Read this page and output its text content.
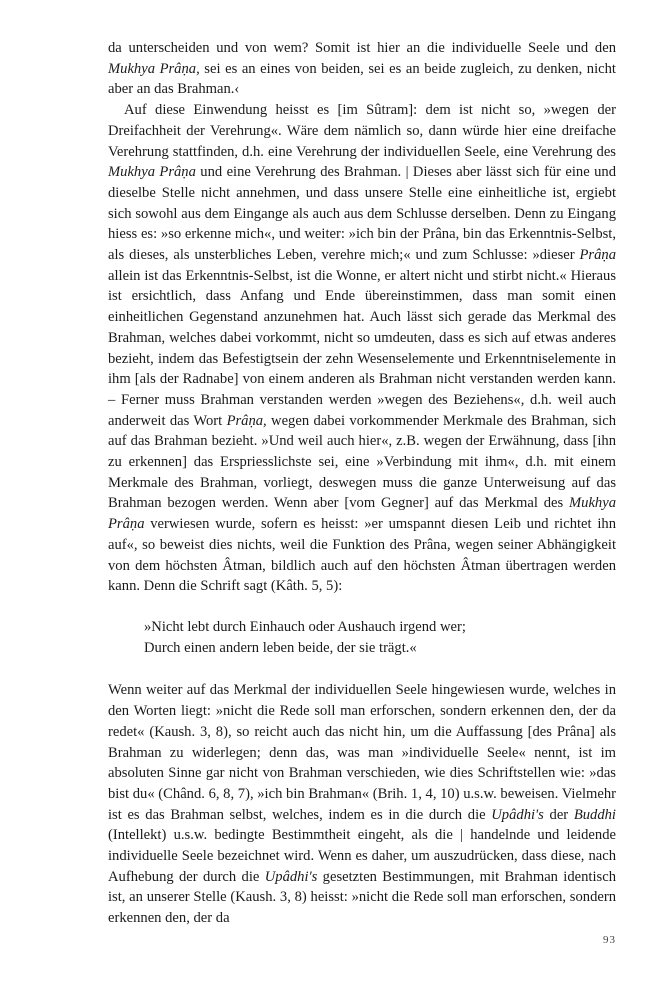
da unterscheiden und von wem? Somit ist hier an die individuelle Seele und den Mukhya Prâṇa, sei es an eines von beiden, sei es an beide zugleich, zu denken, nicht aber an das Brahman.‹

Auf diese Einwendung heisst es [im Sûtram]: dem ist nicht so, »wegen der Dreifachheit der Verehrung«. Wäre dem nämlich so, dann würde hier eine dreifache Verehrung stattfinden, d.h. eine Verehrung der individuellen Seele, eine Verehrung des Mukhya Prâṇa und eine Verehrung des Brahman. | Dieses aber lässt sich für eine und dieselbe Stelle nicht annehmen, und dass unsere Stelle eine einheitliche ist, ergiebt sich sowohl aus dem Eingange als auch aus dem Schlusse derselben. Denn zu Eingang hiess es: »so erkenne mich«, und weiter: »ich bin der Prâna, bin das Erkenntnis-Selbst, als dieses, als unsterbliches Leben, verehre mich;« und zum Schlusse: »dieser Prâṇa allein ist das Erkenntnis-Selbst, ist die Wonne, er altert nicht und stirbt nicht.« Hieraus ist ersichtlich, dass Anfang und Ende übereinstimmen, dass man somit einen einheitlichen Gegenstand anzunehmen hat. Auch lässt sich gerade das Merkmal des Brahman, welches dabei vorkommt, nicht so umdeuten, dass es sich auf etwas anderes bezieht, indem das Befestigtsein der zehn Wesenselemente und Erkenntniselemente in ihm [als der Radnabe] von einem anderen als Brahman nicht verstanden werden kann. – Ferner muss Brahman verstanden werden »wegen des Beziehens«, d.h. weil auch anderweit das Wort Prâṇa, wegen dabei vorkommender Merkmale des Brahman, sich auf das Brahman bezieht. »Und weil auch hier«, z.B. wegen der Erwähnung, dass [ihn zu erkennen] das Erspriesslichste sei, eine »Verbindung mit ihm«, d.h. mit einem Merkmale des Brahman, vorliegt, deswegen muss die ganze Unterweisung auf das Brahman bezogen werden. Wenn aber [vom Gegner] auf das Merkmal des Mukhya Prâṇa verwiesen wurde, sofern es heisst: »er umspannt diesen Leib und richtet ihn auf«, so beweist dies nichts, weil die Funktion des Prâna, wegen seiner Abhängigkeit von dem höchsten Âtman, bildlich auch auf den höchsten Âtman übertragen werden kann. Denn die Schrift sagt (Kâth. 5, 5):

»Nicht lebt durch Einhauch oder Aushauch irgend wer;
Durch einen andern leben beide, der sie trägt.«

Wenn weiter auf das Merkmal der individuellen Seele hingewiesen wurde, welches in den Worten liegt: »nicht die Rede soll man erforschen, sondern erkennen den, der da redet« (Kaush. 3, 8), so reicht auch das nicht hin, um die Auffassung [des Prâna] als Brahman zu widerlegen; denn das, was man »individuelle Seele« nennt, ist im absoluten Sinne gar nicht von Brahman verschieden, wie dies Schriftstellen wie: »das bist du« (Chând. 6, 8, 7), »ich bin Brahman« (Brih. 1, 4, 10) u.s.w. beweisen. Vielmehr ist es das Brahman selbst, welches, indem es in die durch die Upâdhi's der Buddhi (Intellekt) u.s.w. bedingte Bestimmtheit eingeht, als die | handelnde und leidende individuelle Seele bezeichnet wird. Wenn es daher, um auszudrücken, dass diese, nach Aufhebung der durch die Upâdhi's gesetzten Bestimmungen, mit Brahman identisch ist, an unserer Stelle (Kaush. 3, 8) heisst: »nicht die Rede soll man erforschen, sondern erkennen den, der da

93
